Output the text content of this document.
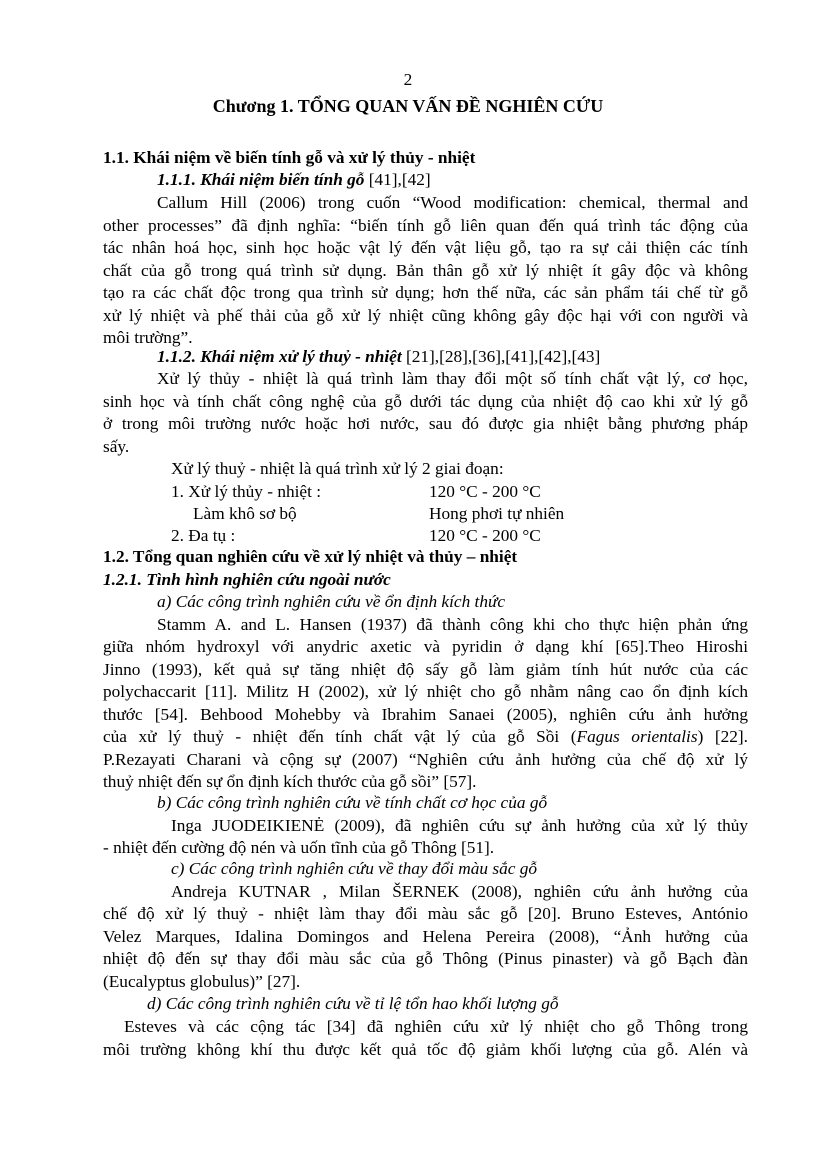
2
Chương 1. TỔNG QUAN VẤN ĐỀ NGHIÊN CỨU
1.1. Khái niệm về biến tính gỗ và xử lý thủy - nhiệt
1.1.1. Khái niệm biến tính gỗ [41],[42]
Callum Hill (2006) trong cuốn “Wood modification: chemical, thermal and
other processes” đã định nghĩa: “biến tính gỗ liên quan đến quá trình tác động của
tác nhân hoá học, sinh học hoặc vật lý đến vật liệu gỗ, tạo ra sự cải thiện các tính
chất của gỗ trong quá trình sử dụng. Bản thân gỗ xử lý nhiệt ít gây độc và không
tạo ra các chất độc trong qua trình sử dụng; hơn thế nữa, các sản phẩm tái chế từ gỗ
xử lý nhiệt và phế thải của gỗ xử lý nhiệt cũng không gây độc hại với con người và
môi trường”.
1.1.2. Khái niệm xử lý thuỷ - nhiệt [21],[28],[36],[41],[42],[43]
Xử lý thủy - nhiệt là quá trình làm thay đổi một số tính chất vật lý, cơ học,
sinh học và tính chất công nghệ của gỗ dưới tác dụng của nhiệt độ cao khi xử lý gỗ
ở trong môi trường nước hoặc hơi nước, sau đó được gia nhiệt bằng phương pháp
sấy.
Xử lý thuỷ - nhiệt là quá trình xử lý 2 giai đoạn:
1. Xử lý thủy - nhiệt :	120 °C - 200 °C
Làm khô sơ bộ	Hong phơi tự nhiên
2. Đa tụ :	120 °C - 200 °C
1.2. Tổng quan nghiên cứu về xử lý nhiệt và thủy – nhiệt
1.2.1. Tình hình nghiên cứu ngoài nước
a) Các công trình nghiên cứu về ổn định kích thức
Stamm A. and L. Hansen (1937) đã thành công khi cho thực hiện phản ứng
giữa nhóm hydroxyl với anydric axetic và pyridin ở dạng khí [65].Theo Hiroshi
Jinno (1993), kết quả sự tăng nhiệt độ sấy gỗ làm giảm tính hút nước của các
polychaccarit [11]. Militz H (2002), xử lý nhiệt cho gỗ nhằm nâng cao ổn định kích
thước [54]. Behbood Mohebby và Ibrahim Sanaei (2005), nghiên cứu ảnh hưởng
của xử lý thuỷ - nhiệt đến tính chất vật lý của gỗ Sồi (Fagus orientalis) [22].
P.Rezayati Charani và cộng sự (2007) “Nghiên cứu ảnh hưởng của chế độ xử lý
thuỷ nhiệt đến sự ổn định kích thước của gỗ sồi” [57].
b) Các công trình nghiên cứu về tính chất cơ học của gỗ
Inga JUODEIKIENĖ (2009), đã nghiên cứu sự ảnh hưởng của xử lý thủy
- nhiệt đến cường độ nén và uốn tĩnh của gỗ Thông [51].
c) Các công trình nghiên cứu về thay đổi màu sắc gỗ
Andreja KUTNAR , Milan ŠERNEK (2008), nghiên cứu ảnh hưởng của
chế độ xử lý thuỷ - nhiệt làm thay đổi màu sắc gỗ [20]. Bruno Esteves, António
Velez Marques, Idalina Domingos and Helena Pereira (2008), “Ảnh hưởng của
nhiệt độ đến sự thay đổi màu sắc của gỗ Thông (Pinus pinaster) và gỗ Bạch đàn
(Eucalyptus globulus)” [27].
d) Các công trình nghiên cứu về tỉ lệ tổn hao khối lượng gỗ
Esteves và các cộng tác [34] đã nghiên cứu xử lý nhiệt cho gỗ Thông trong
môi trường không khí thu được kết quả tốc độ giảm khối lượng của gỗ. Alén và
